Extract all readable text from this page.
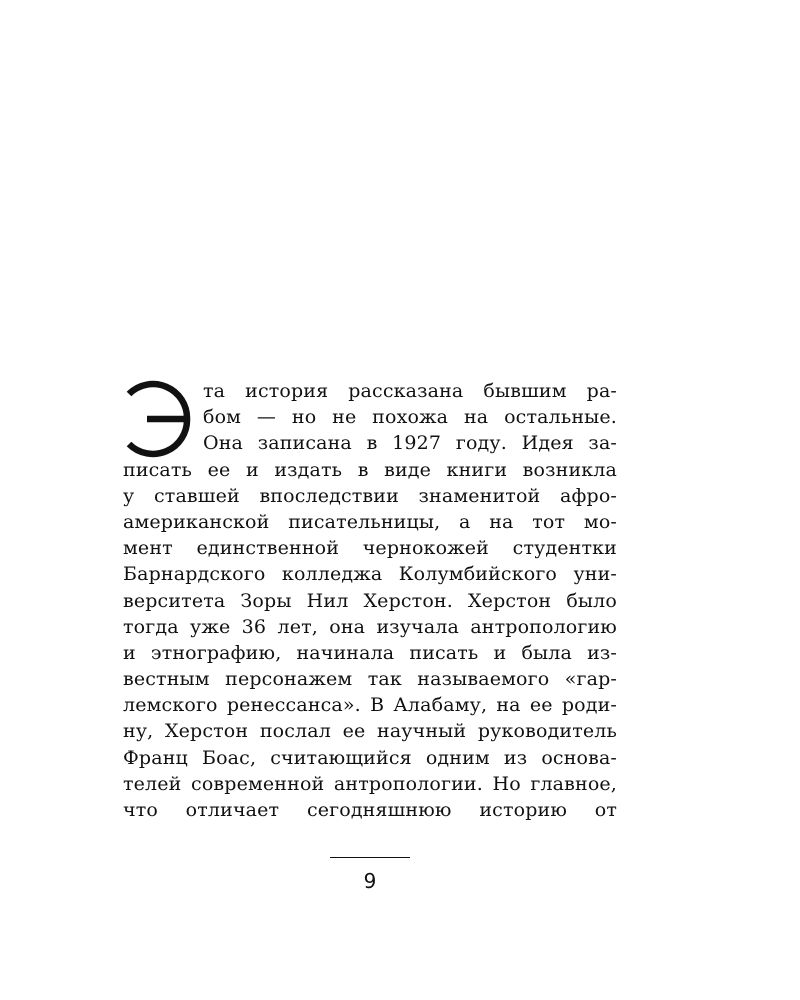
та история рассказана бывшим ра-
бом — но не похожа на остальные.
Она записана в 1927 году. Идея за-
писать ее и издать в виде книги возникла
у ставшей впоследствии знаменитой афро-
американской писательницы, а на тот мо-
мент единственной чернокожей студентки
Барнардского колледжа Колумбийского уни-
верситета Зоры Нил Херстон. Херстон было
тогда уже 36 лет, она изучала антропологию
и этнографию, начинала писать и была из-
вестным персонажем так называемого «гар-
лемского ренессанса». В Алабаму, на ее роди-
ну, Херстон послал ее научный руководитель
Франц Боас, считающийся одним из основа-
телей современной антропологии. Но главное,
что отличает сегодняшнюю историю от
9
